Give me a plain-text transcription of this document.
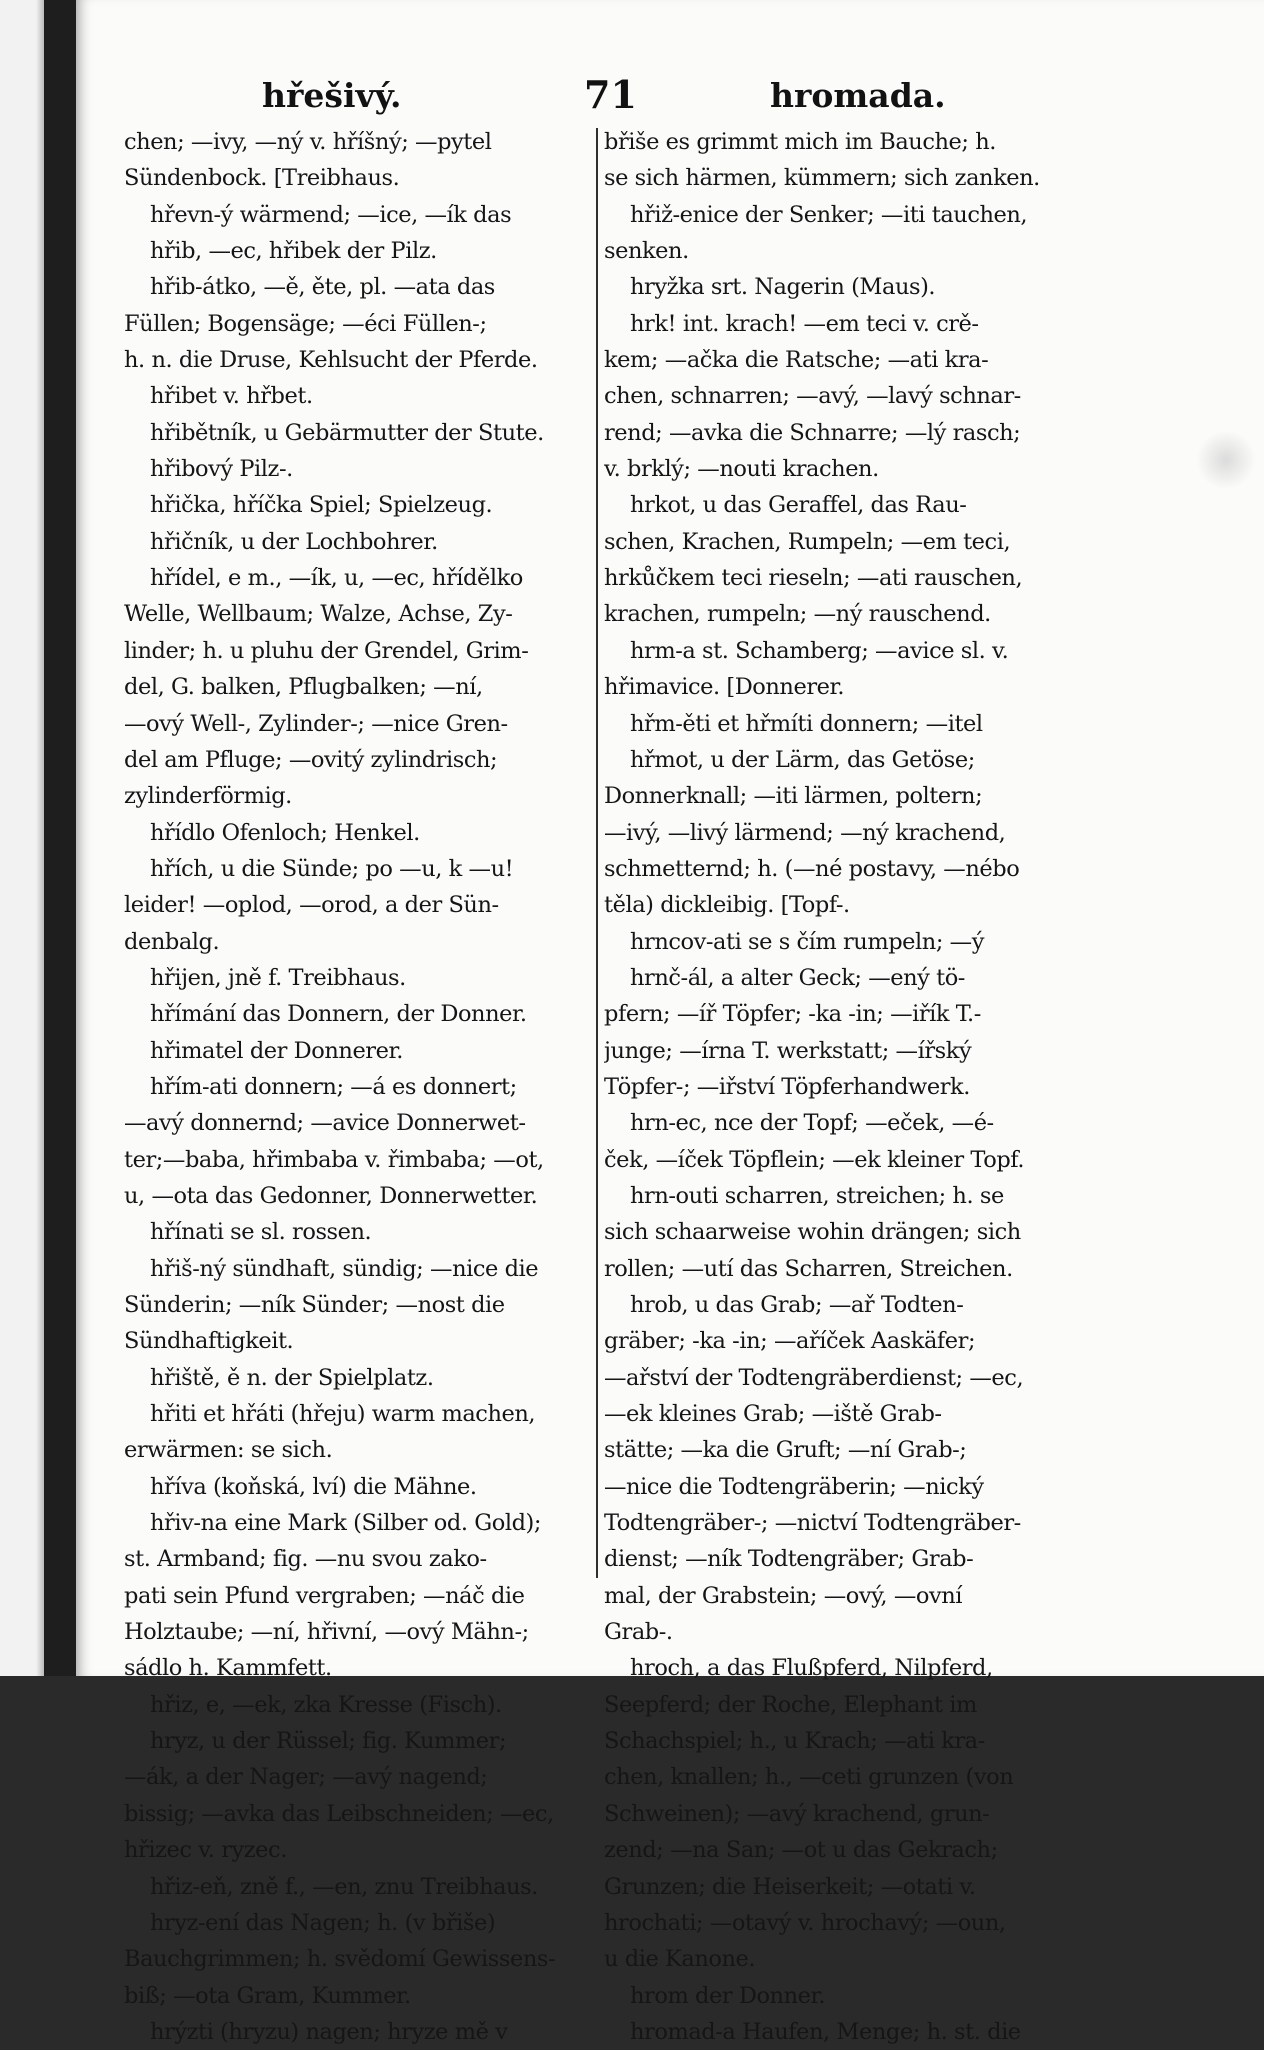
hřešivý.	71	hromada.
chen; —ivy, —ný v. hříšný; —pytel
Sündenbock. [Treibhaus.
hřevn-ý wärmend; —ice, —ík das
hřib, —ec, hřibek der Pilz.
hřib-átko, —ě, ěte, pl. —ata das
Füllen; Bogensäge; —éci Füllen-;
h. n. die Druse, Kehlsucht der Pferde.
hřibet v. hřbet.
hřibětník, u Gebärmutter der Stute.
hřibový Pilz-.
hřička, hříčka Spiel; Spielzeug.
hřičník, u der Lochbohrer.
hřídel, e m., —ík, u, —ec, hřídělko
Welle, Wellbaum; Walze, Achse, Zy-
linder; h. u pluhu der Grendel, Grim-
del, G. balken, Pflugbalken; —ní,
—ový Well-, Zylinder-; —nice Gren-
del am Pfluge; —ovitý zylindrisch;
zylinderförmig.
hřídlo Ofenloch; Henkel.
hřích, u die Sünde; po —u, k —u!
leider! —oplod, —orod, a der Sün-
denbalg.
hřijen, jně f. Treibhaus.
hřímání das Donnern, der Donner.
hřimatel der Donnerer.
hřím-ati donnern; —á es donnert;
—avý donnernd; —avice Donnerwet-
ter;—baba, hřimbaba v. řimbaba; —ot,
u, —ota das Gedonner, Donnerwetter.
hřínati se sl. rossen.
hřiš-ný sündhaft, sündig; —nice die
Sünderin; —ník Sünder; —nost die
Sündhaftigkeit.
hřiště, ě n. der Spielplatz.
hřiti et hřáti (hřeju) warm machen,
erwärmen: se sich.
hříva (koňská, lví) die Mähne.
hřiv-na eine Mark (Silber od. Gold);
st. Armband; fig. —nu svou zako-
pati sein Pfund vergraben; —náč die
Holztaube; —ní, hřivní, —ový Mähn-;
sádlo h. Kammfett.
hřiz, e, —ek, zka Kresse (Fisch).
hryz, u der Rüssel; fig. Kummer;
—ák, a der Nager; —avý nagend;
bissig; —avka das Leibschneiden; —ec,
hřizec v. ryzec.
hřiz-eň, zně f., —en, znu Treibhaus.
hryz-ení das Nagen; h. (v břiše)
Bauchgrimmen; h. svědomí Gewissens-
biß; —ota Gram, Kummer.
hrýzti (hryzu) nagen; hryze mě v
břiše es grimmt mich im Bauche; h.
se sich härmen, kümmern; sich zanken.
hřiž-enice der Senker; —iti tauchen,
senken.
hryžka srt. Nagerin (Maus).
hrk! int. krach! —em teci v. crě-
kem; —ačka die Ratsche; —ati kra-
chen, schnarren; —avý, —lavý schnar-
rend; —avka die Schnarre; —lý rasch;
v. brklý; —nouti krachen.
hrkot, u das Geraffel, das Rau-
schen, Krachen, Rumpeln; —em teci,
hrkůčkem teci rieseln; —ati rauschen,
krachen, rumpeln; —ný rauschend.
hrm-a st. Schamberg; —avice sl. v.
hřimavice. [Donnerer.
hřm-ěti et hřmíti donnern; —itel
hřmot, u der Lärm, das Getöse;
Donnerknall; —iti lärmen, poltern;
—ivý, —livý lärmend; —ný krachend,
schmetternd; h. (—né postavy, —nébo
těla) dickleibig. [Topf-.
hrncov-ati se s čím rumpeln; —ý
hrnč-ál, a alter Geck; —ený tö-
pfern; —íř Töpfer; -ka -in; —iřík T.-
junge; —írna T. werkstatt; —ířský
Töpfer-; —iřství Töpferhandwerk.
hrn-ec, nce der Topf; —eček, —é-
ček, —íček Töpflein; —ek kleiner Topf.
hrn-outi scharren, streichen; h. se
sich schaarweise wohin drängen; sich
rollen; —utí das Scharren, Streichen.
hrob, u das Grab; —ař Todten-
gräber; -ka -in; —aříček Aaskäfer;
—ařství der Todtengräberdienst; —ec,
—ek kleines Grab; —iště Grab-
stätte; —ka die Gruft; —ní Grab-;
—nice die Todtengräberin; —nický
Todtengräber-; —nictví Todtengräber-
dienst; —ník Todtengräber; Grab-
mal, der Grabstein; —ový, —ovní
Grab-.
hroch, a das Flußpferd, Nilpferd,
Seepferd; der Roche, Elephant im
Schachspiel; h., u Krach; —ati kra-
chen, knallen; h., —ceti grunzen (von
Schweinen); —avý krachend, grun-
zend; —na San; —ot u das Gekrach;
Grunzen; die Heiserkeit; —otati v.
hrochati; —otavý v. hrochavý; —oun,
u die Kanone.
hrom der Donner.
hromad-a Haufen, Menge; h. st. die
